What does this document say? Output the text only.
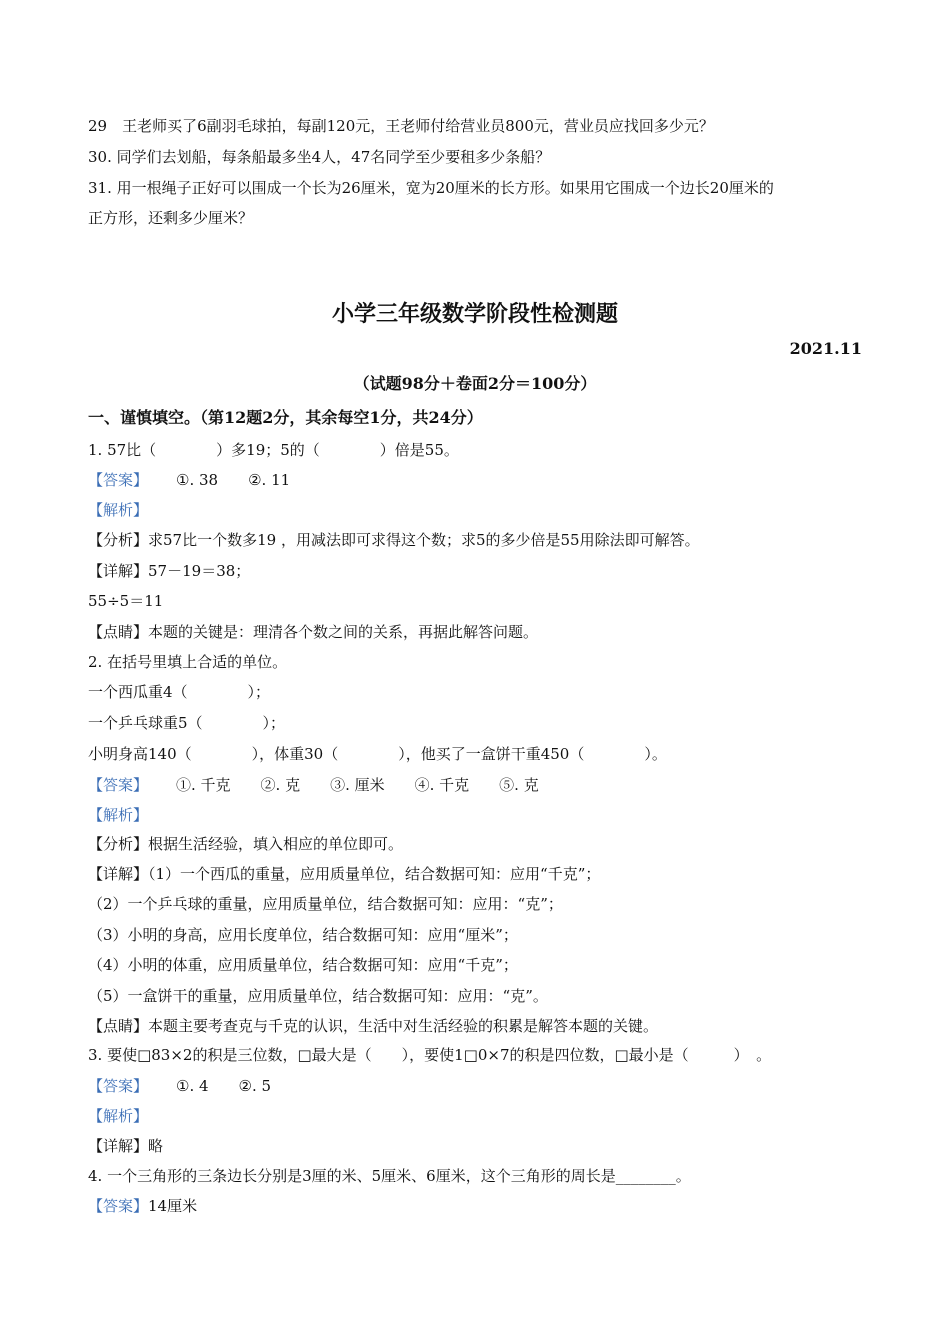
29　王老师买了6副羽毛球拍，每副120元，王老师付给营业员800元，营业员应找回多少元？
30. 同学们去划船，每条船最多坐4人，47名同学至少要租多少条船？
31. 用一根绳子正好可以围成一个长为26厘米，宽为20厘米的长方形。如果用它围成一个边长20厘米的
正方形，还剩多少厘米？
小学三年级数学阶段性检测题
2021.11
（试题98分＋卷面2分＝100分）
一、谨慎填空。（第12题2分，其余每空1分，共24分）
1. 57比（　　　　）多19；5的（　　　　）倍是55。
【答案】 ①. 38　　②. 11
【解析】
【分析】求57比一个数多19 ，用减法即可求得这个数；求5的多少倍是55用除法即可解答。
【详解】57－19＝38；
55÷5＝11
【点睛】本题的关键是：理清各个数之间的关系，再据此解答问题。
2. 在括号里填上合适的单位。
一个西瓜重4（　　　　）；
一个乒乓球重5（　　　　）；
小明身高140（　　　　），体重30（　　　　），他买了一盒饼干重450（　　　　）。
【答案】 ①. 千克　　②. 克　　③. 厘米　　④. 千克　　⑤. 克
【解析】
【分析】根据生活经验，填入相应的单位即可。
【详解】（1）一个西瓜的重量，应用质量单位，结合数据可知：应用“千克”；
（2）一个乒乓球的重量，应用质量单位，结合数据可知：应用：“克”；
（3）小明的身高，应用长度单位，结合数据可知：应用“厘米”；
（4）小明的体重，应用质量单位，结合数据可知：应用“千克”；
（5）一盒饼干的重量，应用质量单位，结合数据可知：应用：“克”。
【点睛】本题主要考查克与千克的认识，生活中对生活经验的积累是解答本题的关键。
3. 要使□83×2的积是三位数，□最大是（　　），要使1□0×7的积是四位数，□最小是（　　　）　。
【答案】 ①. 4　　②. 5
【解析】
【详解】略
4. 一个三角形的三条边长分别是3厘的米、5厘米、6厘米，这个三角形的周长是________。
【答案】14厘米
